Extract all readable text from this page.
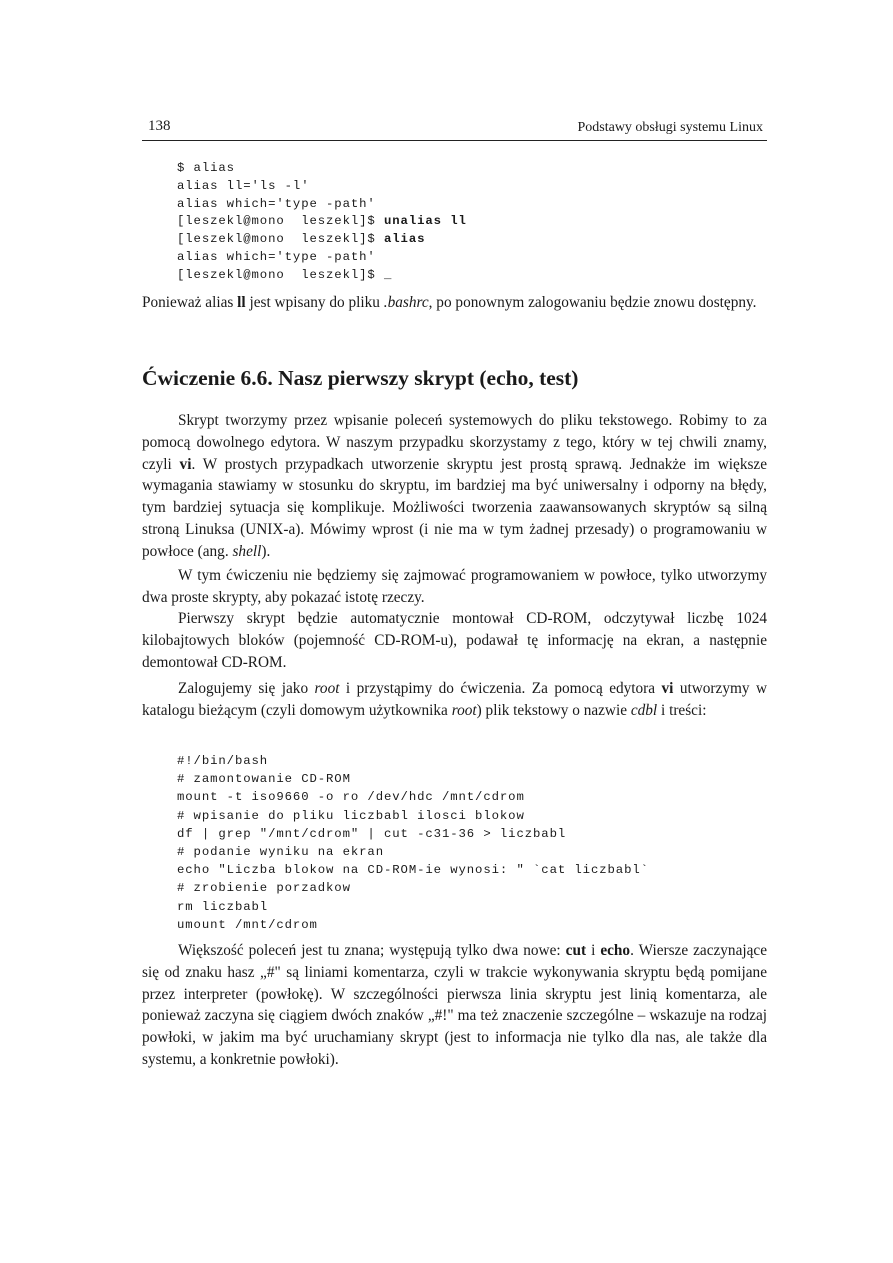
138	Podstawy obsługi systemu Linux
$ alias
alias ll='ls -l'
alias which='type -path'
[leszekl@mono  leszekl]$ unalias ll
[leszekl@mono  leszekl]$ alias
alias which='type -path'
[leszekl@mono  leszekl]$ _

Ponieważ alias ll jest wpisany do pliku .bashrc, po ponownym zalogowaniu będzie znowu dostępny.

Ćwiczenie 6.6. Nasz pierwszy skrypt (echo, test)

Skrypt tworzymy przez wpisanie poleceń systemowych do pliku tekstowego. Robimy to za pomocą dowolnego edytora. W naszym przypadku skorzystamy z tego, który w tej chwili znamy, czyli vi. W prostych przypadkach utworzenie skryptu jest prostą sprawą. Jednakże im większe wymagania stawiamy w stosunku do skryptu, im bardziej ma być uniwersalny i odporny na błędy, tym bardziej sytuacja się komplikuje. Możliwości tworzenia zaawansowanych skryptów są silną stroną Linuksa (UNIX-a). Mówimy wprost (i nie ma w tym żadnej przesady) o programowaniu w powłoce (ang. shell).

W tym ćwiczeniu nie będziemy się zajmować programowaniem w powłoce, tylko utworzymy dwa proste skrypty, aby pokazać istotę rzeczy.

Pierwszy skrypt będzie automatycznie montował CD-ROM, odczytywał liczbę 1024 kilobajtowych bloków (pojemność CD-ROM-u), podawał tę informację na ekran, a następnie demontował CD-ROM.

Zalogujemy się jako root i przystąpimy do ćwiczenia. Za pomocą edytora vi utworzymy w katalogu bieżącym (czyli domowym użytkownika root) plik tekstowy o nazwie cdbl i treści:

#!/bin/bash
# zamontowanie CD-ROM
mount -t iso9660 -o ro /dev/hdc /mnt/cdrom
# wpisanie do pliku liczbabl ilosci blokow
df | grep "/mnt/cdrom" | cut -c31-36 > liczbabl
# podanie wyniku na ekran
echo "Liczba blokow na CD-ROM-ie wynosi: " `cat liczbabl`
# zrobienie porzadkow
rm liczbabl
umount /mnt/cdrom

Większość poleceń jest tu znana; występują tylko dwa nowe: cut i echo. Wiersze zaczynające się od znaku hasz „#" są liniami komentarza, czyli w trakcie wykonywania skryptu będą pomijane przez interpreter (powłokę). W szczególności pierwsza linia skryptu jest linią komentarza, ale ponieważ zaczyna się ciągiem dwóch znaków „#!" ma też znaczenie szczególne – wskazuje na rodzaj powłoki, w jakim ma być uruchamiany skrypt (jest to informacja nie tylko dla nas, ale także dla systemu, a konkretnie powłoki).
